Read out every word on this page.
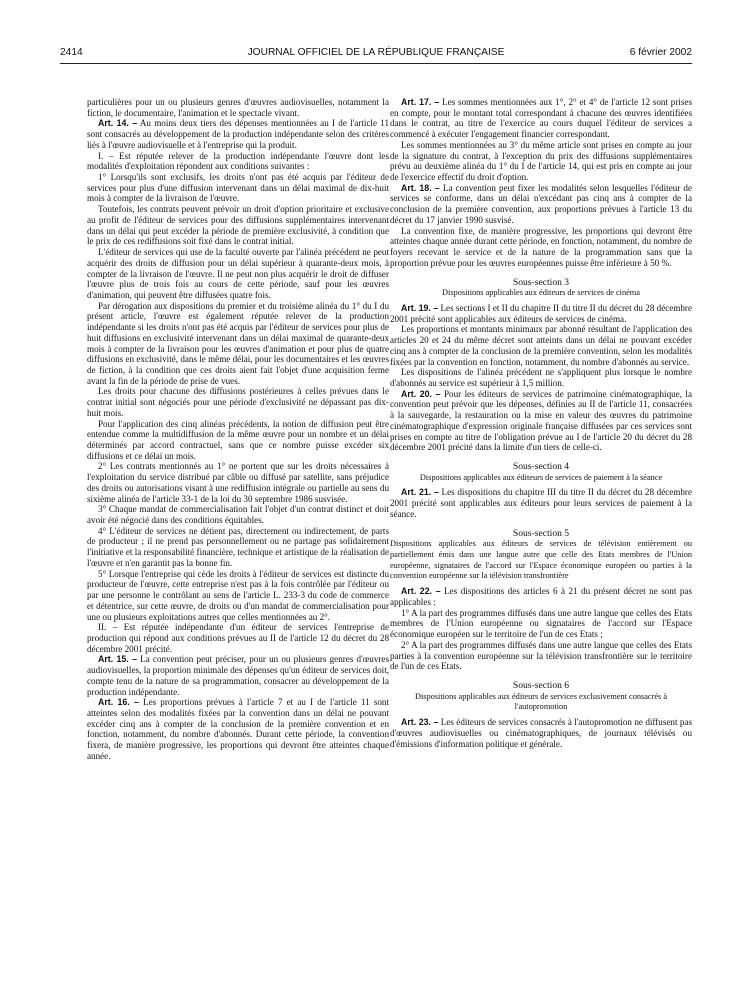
JOURNAL OFFICIEL DE LA RÉPUBLIQUE FRANÇAISE
2414	6 février 2002

particulières pour un ou plusieurs genres d'œuvres audiovisuelles, notamment la fiction, le documentaire, l'animation et le spectacle vivant.

Art. 14. – Au moins deux tiers des dépenses mentionnées au I de l'article 11 sont consacrés au développement de la production indépendante selon des critères liés à l'œuvre audiovisuelle et à l'entreprise qui la produit.

I. – Est réputée relever de la production indépendante l'œuvre dont les modalités d'exploitation répondent aux conditions suivantes :

1° Lorsqu'ils sont exclusifs, les droits n'ont pas été acquis par l'éditeur de services pour plus d'une diffusion intervenant dans un délai maximal de dix-huit mois à compter de la livraison de l'œuvre.

Toutefois, les contrats peuvent prévoir un droit d'option prioritaire et exclusive au profit de l'éditeur de services pour des diffusions supplémentaires intervenant dans un délai qui peut excéder la période de première exclusivité, à condition que le prix de ces rediffusions soit fixé dans le contrat initial.

L'éditeur de services qui use de la faculté ouverte par l'alinéa précédent ne peut acquérir des droits de diffusion pour un délai supérieur à quarante-deux mois, à compter de la livraison de l'œuvre. Il ne peut non plus acquérir le droit de diffuser l'œuvre plus de trois fois au cours de cette période, sauf pour les œuvres d'animation, qui peuvent être diffusées quatre fois.

Par dérogation aux dispositions du premier et du troisième alinéa du 1° du I du présent article, l'œuvre est également réputée relever de la production indépendante si les droits n'ont pas été acquis par l'éditeur de services pour plus de huit diffusions en exclusivité intervenant dans un délai maximal de quarante-deux mois à compter de la livraison pour les œuvres d'animation et pour plus de quatre diffusions en exclusivité, dans le même délai, pour les documentaires et les œuvres de fiction, à la condition que ces droits aient fait l'objet d'une acquisition ferme avant la fin de la période de prise de vues.

Les droits pour chacune des diffusions postérieures à celles prévues dans le contrat initial sont négociés pour une période d'exclusivité ne dépassant pas dix-huit mois.

Pour l'application des cinq alinéas précédents, la notion de diffusion peut être entendue comme la multidiffusion de la même œuvre pour un nombre et un délai déterminés par accord contractuel, sans que ce nombre puisse excéder six diffusions et ce délai un mois.

2° Les contrats mentionnés au 1° ne portent que sur les droits nécessaires à l'exploitation du service distribué par câble ou diffusé par satellite, sans préjudice des droits ou autorisations visant à une rediffusion intégrale ou partielle au sens du sixième alinéa de l'article 33-1 de la loi du 30 septembre 1986 susvisée.

3° Chaque mandat de commercialisation fait l'objet d'un contrat distinct et doit avoir été négocié dans des conditions équitables.

4° L'éditeur de services ne détient pas, directement ou indirectement, de parts de producteur ; il ne prend pas personnellement ou ne partage pas solidairement l'initiative et la responsabilité financière, technique et artistique de la réalisation de l'œuvre et n'en garantit pas la bonne fin.

5° Lorsque l'entreprise qui cède les droits à l'éditeur de services est distincte du producteur de l'œuvre, cette entreprise n'est pas à la fois contrôlée par l'éditeur ou par une personne le contrôlant au sens de l'article L. 233-3 du code de commerce et détentrice, sur cette œuvre, de droits ou d'un mandat de commercialisation pour une ou plusieurs exploitations autres que celles mentionnées au 2°.

II. – Est réputée indépendante d'un éditeur de services l'entreprise de production qui répond aux conditions prévues au II de l'article 12 du décret du 28 décembre 2001 précité.

Art. 15. – La convention peut préciser, pour un ou plusieurs genres d'œuvres audiovisuelles, la proportion minimale des dépenses qu'un éditeur de services doit, compte tenu de la nature de sa programmation, consacrer au développement de la production indépendante.

Art. 16. – Les proportions prévues à l'article 7 et au I de l'article 11 sont atteintes selon des modalités fixées par la convention dans un délai ne pouvant excéder cinq ans à compter de la conclusion de la première convention et en fonction, notamment, du nombre d'abonnés. Durant cette période, la convention fixera, de manière progressive, les proportions qui devront être atteintes chaque année.

Art. 17. – Les sommes mentionnées aux 1°, 2° et 4° de l'article 12 sont prises en compte, pour le montant total correspondant à chacune des œuvres identifiées dans le contrat, au titre de l'exercice au cours duquel l'éditeur de services a commencé à exécuter l'engagement financier correspondant.

Les sommes mentionnées au 3° du même article sont prises en compte au jour de la signature du contrat, à l'exception du prix des diffusions supplémentaires prévu au deuxième alinéa du 1° du I de l'article 14, qui est pris en compte au jour de l'exercice effectif du droit d'option.

Art. 18. – La convention peut fixer les modalités selon lesquelles l'éditeur de services se conforme, dans un délai n'excédant pas cinq ans à compter de la conclusion de la première convention, aux proportions prévues à l'article 13 du décret du 17 janvier 1990 susvisé.

La convention fixe, de manière progressive, les proportions qui devront être atteintes chaque année durant cette période, en fonction, notamment, du nombre de foyers recevant le service et de la nature de la programmation sans que la proportion prévue pour les œuvres européennes puisse être inférieure à 50 %.

Sous-section 3

Dispositions applicables aux éditeurs de services de cinéma

Art. 19. – Les sections I et II du chapitre II du titre II du décret du 28 décembre 2001 précité sont applicables aux éditeurs de services de cinéma.

Les proportions et montants minimaux par abonné résultant de l'application des articles 20 et 24 du même décret sont atteints dans un délai ne pouvant excéder cinq ans à compter de la conclusion de la première convention, selon les modalités fixées par la convention en fonction, notamment, du nombre d'abonnés au service.

Les dispositions de l'alinéa précédent ne s'appliquent plus lorsque le nombre d'abonnés au service est supérieur à 1,5 million.

Art. 20. – Pour les éditeurs de services de patrimoine cinématographique, la convention peut prévoir que les dépenses, définies au II de l'article 11, consacrées à la sauvegarde, la restauration ou la mise en valeur des œuvres du patrimoine cinématographique d'expression originale française diffusées par ces services sont prises en compte au titre de l'obligation prévue au I de l'article 20 du décret du 28 décembre 2001 précité dans la limite d'un tiers de celle-ci.

Sous-section 4

Dispositions applicables aux éditeurs de services de paiement à la séance

Art. 21. – Les dispositions du chapitre III du titre II du décret du 28 décembre 2001 précité sont applicables aux éditeurs pour leurs services de paiement à la séance.

Sous-section 5

Dispositions applicables aux éditeurs de services de télévision entièrement ou partiellement émis dans une langue autre que celle des Etats membres de l'Union européenne, signataires de l'accord sur l'Espace économique européen ou parties à la convention européenne sur la télévision transfrontière

Art. 22. – Les dispositions des articles 6 à 21 du présent décret ne sont pas applicables :

1° A la part des programmes diffusés dans une autre langue que celles des Etats membres de l'Union européenne ou signataires de l'accord sur l'Espace économique européen sur le territoire de l'un de ces Etats ;

2° A la part des programmes diffusés dans une autre langue que celles des Etats parties à la convention européenne sur la télévision transfrontière sur le territoire de l'un de ces Etats.

Sous-section 6

Dispositions applicables aux éditeurs de services exclusivement consacrés à l'autopromotion

Art. 23. – Les éditeurs de services consacrés à l'autopromotion ne diffusent pas d'œuvres audiovisuelles ou cinématographiques, de journaux télévisés ou d'émissions d'information politique et générale.
